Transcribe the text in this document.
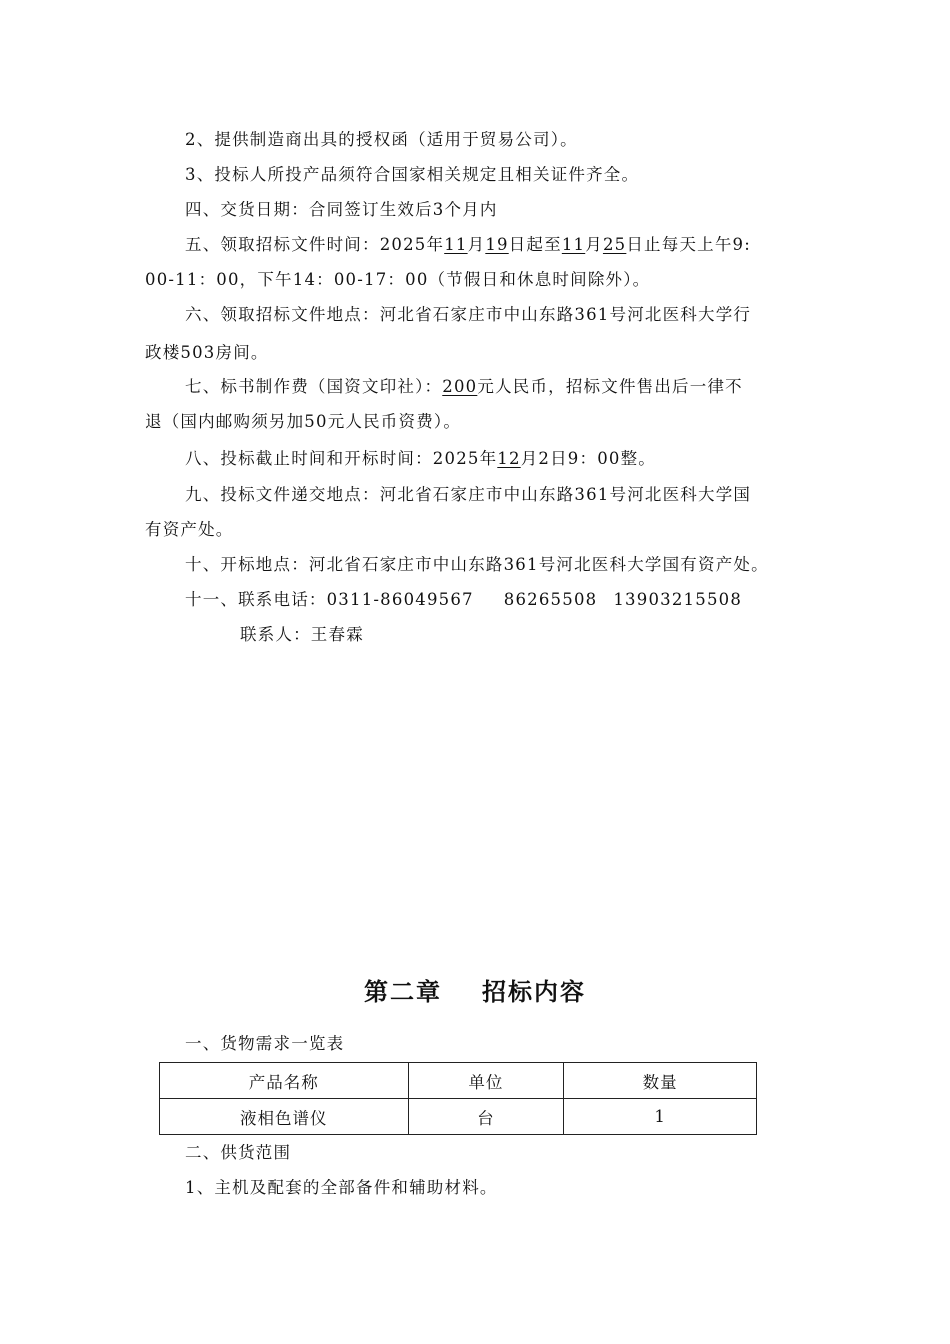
2、提供制造商出具的授权函（适用于贸易公司）。
3、投标人所投产品须符合国家相关规定且相关证件齐全。
四、交货日期：合同签订生效后3个月内
五、领取招标文件时间：2025年11月19日起至11月25日止每天上午9:
00-11：00，下午14：00-17：00（节假日和休息时间除外）。
六、领取招标文件地点：河北省石家庄市中山东路361号河北医科大学行
政楼503房间。
七、标书制作费（国资文印社）：200元人民币，招标文件售出后一律不
退（国内邮购须另加50元人民币资费）。
八、投标截止时间和开标时间：2025年12月2日9：00整。
九、投标文件递交地点：河北省石家庄市中山东路361号河北医科大学国
有资产处。
十、开标地点：河北省石家庄市中山东路361号河北医科大学国有资产处。
十一、联系电话：0311-86049567 86265508 13903215508
联系人：王春霖
第二章 招标内容
一、货物需求一览表
产品名称	单位	数量
液相色谱仪	台	1
二、供货范围
1、主机及配套的全部备件和辅助材料。
